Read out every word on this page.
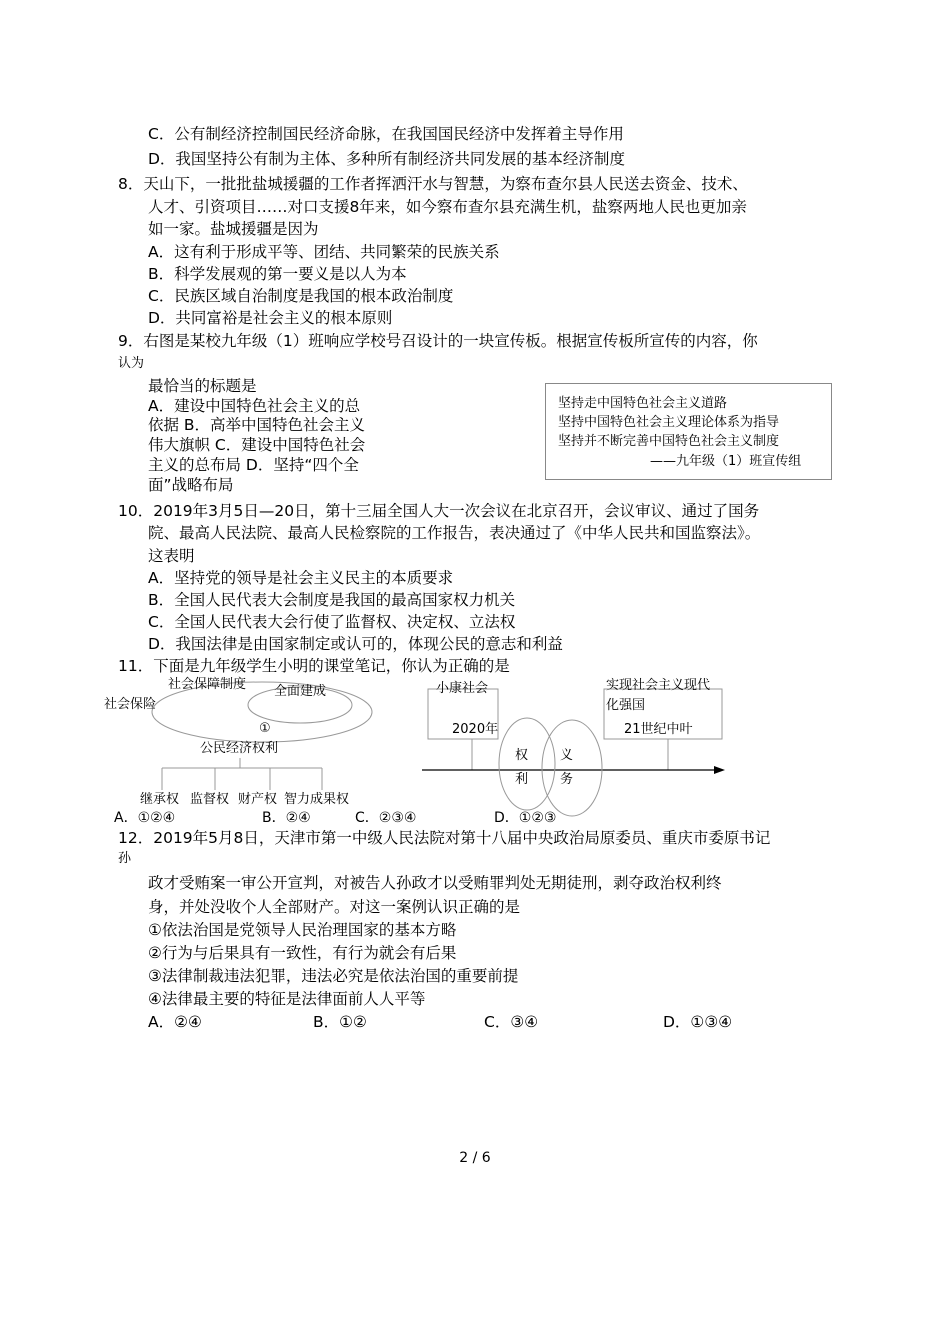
C．公有制经济控制国民经济命脉，在我国国民经济中发挥着主导作用
D．我国坚持公有制为主体、多种所有制经济共同发展的基本经济制度
8．天山下，一批批盐城援疆的工作者挥洒汗水与智慧，为察布查尔县人民送去资金、技术、
人才、引资项目……对口支援8年来，如今察布查尔县充满生机，盐察两地人民也更加亲
如一家。盐城援疆是因为
A．这有利于形成平等、团结、共同繁荣的民族关系
B．科学发展观的第一要义是以人为本
C．民族区域自治制度是我国的根本政治制度
D．共同富裕是社会主义的根本原则
9．右图是某校九年级（1）班响应学校号召设计的一块宣传板。根据宣传板所宣传的内容，你
认为
最恰当的标题是
A．建设中国特色社会主义的总
依据 B．高举中国特色社会主义
伟大旗帜 C．建设中国特色社会
主义的总布局 D．坚持“四个全
面”战略布局
坚持走中国特色社会主义道路
坚持中国特色社会主义理论体系为指导
坚持并不断完善中国特色社会主义制度
——九年级（1）班宣传组
10．2019年3月5日—20日，第十三届全国人大一次会议在北京召开，会议审议、通过了国务
院、最高人民法院、最高人民检察院的工作报告，表决通过了《中华人民共和国监察法》。
这表明
A．坚持党的领导是社会主义民主的本质要求
B．全国人民代表大会制度是我国的最高国家权力机关
C．全国人民代表大会行使了监督权、决定权、立法权
D．我国法律是由国家制定或认可的，体现公民的意志和利益
11．下面是九年级学生小明的课堂笔记，你认为正确的是
社会保障制度
社会保险
全面建成
①
公民经济权利
继承权 监督权 财产权 智力成果权
小康社会
2020年
实现社会主义现代
化强国
21世纪中叶
权
利
义
务
A．①②④	B．②④	C．②③④	D．①②③
12．2019年5月8日，天津市第一中级人民法院对第十八届中央政治局原委员、重庆市委原书记
孙
政才受贿案一审公开宣判，对被告人孙政才以受贿罪判处无期徒刑，剥夺政治权利终
身，并处没收个人全部财产。对这一案例认识正确的是
①依法治国是党领导人民治理国家的基本方略
②行为与后果具有一致性，有行为就会有后果
③法律制裁违法犯罪，违法必究是依法治国的重要前提
④法律最主要的特征是法律面前人人平等
A．②④	B．①②	C．③④	D．①③④
2 / 6
